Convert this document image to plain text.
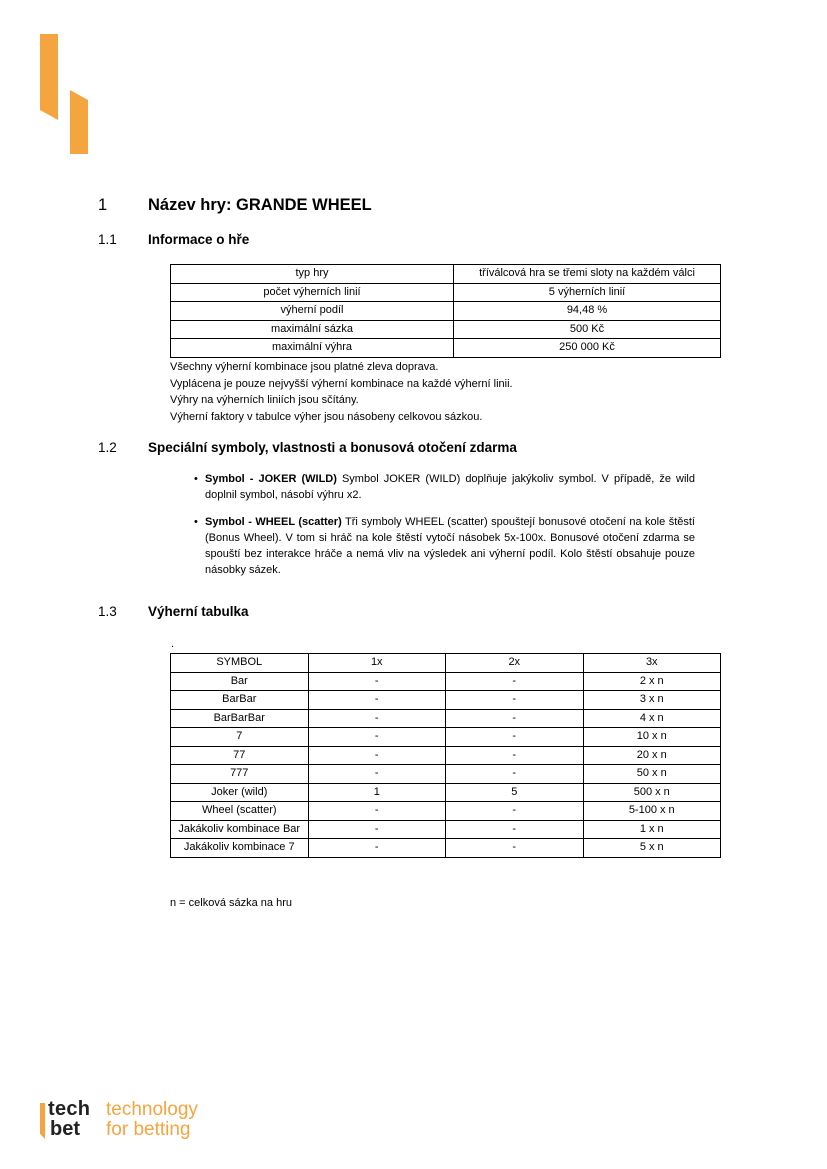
1 Název hry: GRANDE WHEEL
1.1 Informace o hře
typ hry	tříválcová hra se třemi sloty na každém válci
počet výherních linií	5 výherních linií
výherní podíl	94,48 %
maximální sázka	500 Kč
maximální výhra	250 000 Kč
Všechny výherní kombinace jsou platné zleva doprava.
Vyplácena je pouze nejvyšší výherní kombinace na každé výherní linii.
Výhry na výherních liniích jsou sčítány.
Výherní faktory v tabulce výher jsou násobeny celkovou sázkou.
1.2 Speciální symboly, vlastnosti a bonusová otočení zdarma
• Symbol - JOKER (WILD) Symbol JOKER (WILD) doplňuje jakýkoliv symbol. V případě, že wild doplnil symbol, násobí výhru x2.
• Symbol - WHEEL (scatter) Tři symboly WHEEL (scatter) spouštejí bonusové otočení na kole štěstí (Bonus Wheel). V tom si hráč na kole štěstí vytočí násobek 5x-100x. Bonusové otočení zdarma se spouští bez interakce hráče a nemá vliv na výsledek ani výherní podíl. Kolo štěstí obsahuje pouze násobky sázek.
1.3 Výherní tabulka
.
SYMBOL	1x	2x	3x
Bar	-	-	2 x n
BarBar	-	-	3 x n
BarBarBar	-	-	4 x n
7	-	-	10 x n
77	-	-	20 x n
777	-	-	50 x n
Joker (wild)	1	5	500 x n
Wheel (scatter)	-	-	5-100 x n
Jakákoliv kombinace Bar	-	-	1 x n
Jakákoliv kombinace 7	-	-	5 x n
n = celková sázka na hru
tech
bet
technology
for betting
